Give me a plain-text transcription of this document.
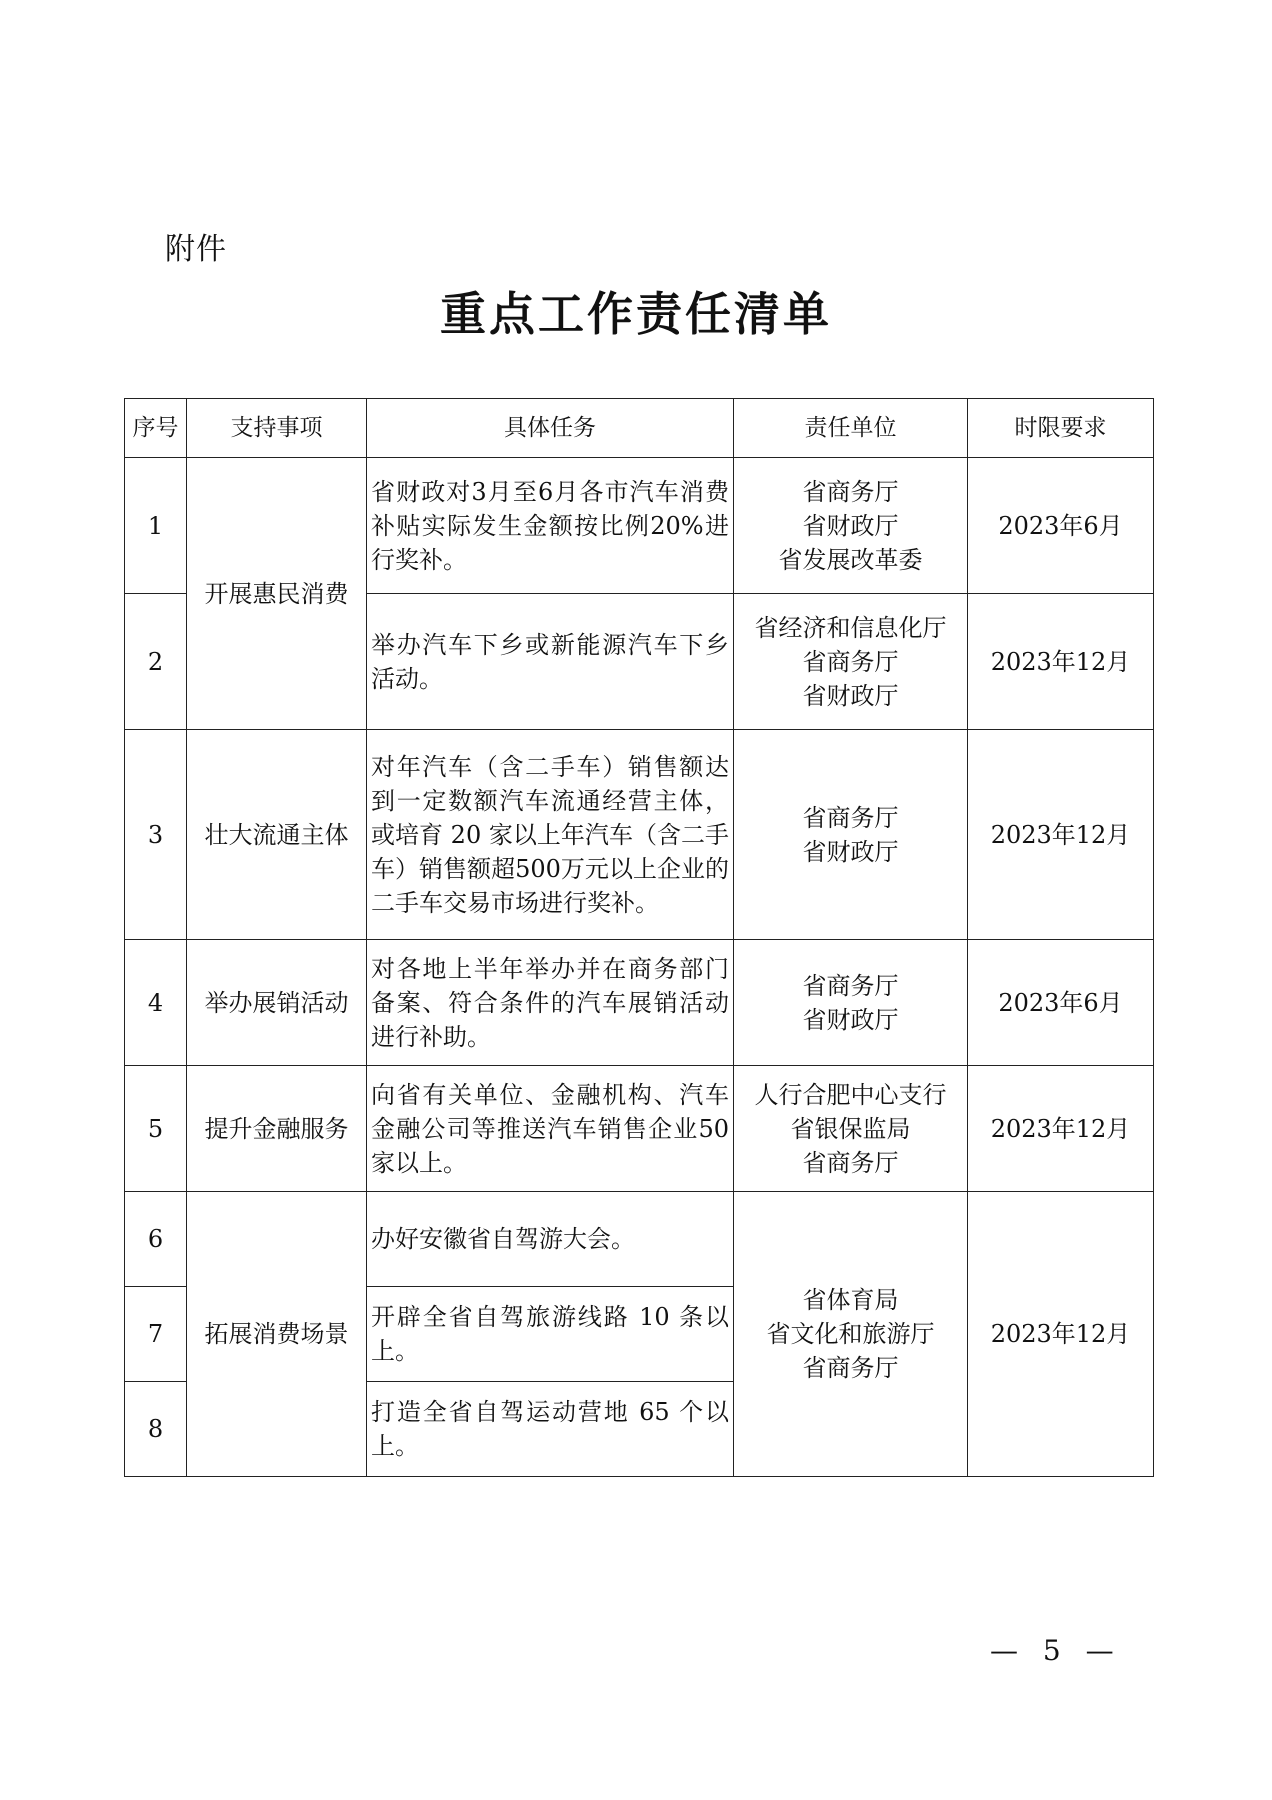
附件
重点工作责任清单
序号	支持事项	具体任务	责任单位	时限要求
1	开展惠民消费	省财政对3月至6月各市汽车消费补贴实际发生金额按比例20%进行奖补。	省商务厅
省财政厅
省发展改革委	2023年6月
2		举办汽车下乡或新能源汽车下乡活动。	省经济和信息化厅
省商务厅
省财政厅	2023年12月
3	壮大流通主体	对年汽车（含二手车）销售额达到一定数额汽车流通经营主体，或培育 20 家以上年汽车（含二手车）销售额超500万元以上企业的二手车交易市场进行奖补。	省商务厅
省财政厅	2023年12月
4	举办展销活动	对各地上半年举办并在商务部门备案、符合条件的汽车展销活动进行补助。	省商务厅
省财政厅	2023年6月
5	提升金融服务	向省有关单位、金融机构、汽车金融公司等推送汽车销售企业50家以上。	人行合肥中心支行
省银保监局
省商务厅	2023年12月
6	拓展消费场景	办好安徽省自驾游大会。	省体育局
省文化和旅游厅
省商务厅	2023年12月
7		开辟全省自驾旅游线路 10 条以上。		
8		打造全省自驾运动营地 65 个以上。		
— 5 —
